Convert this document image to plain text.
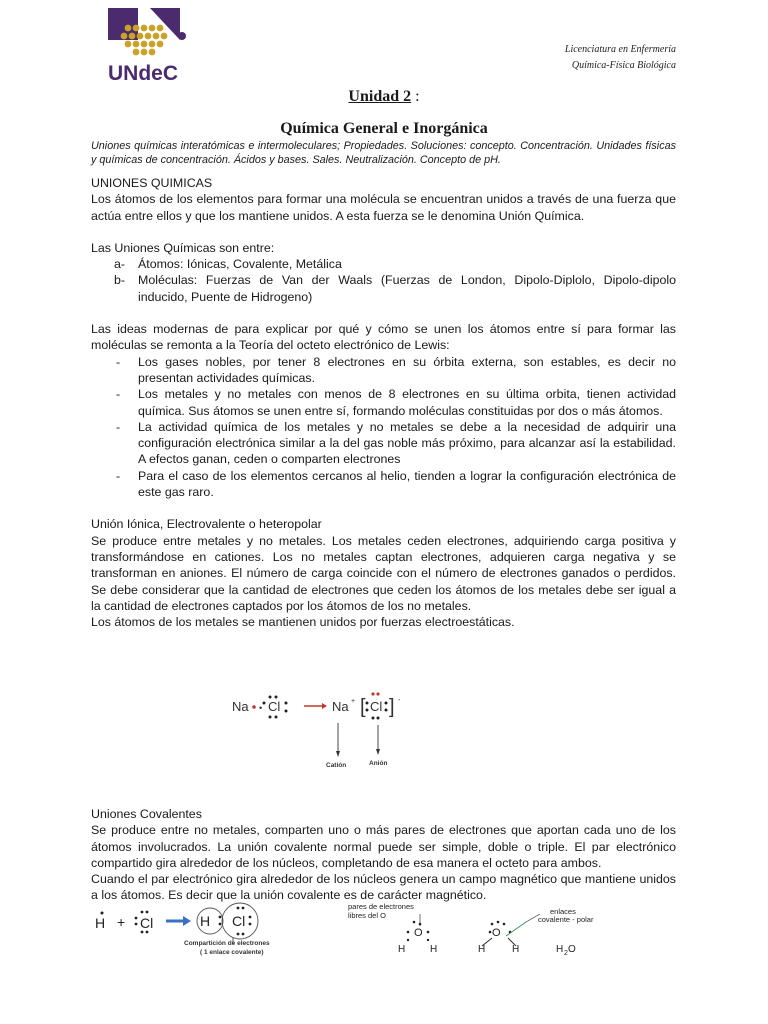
UNdeC
Licenciatura en Enfermería
Química-Física Biológica
Unidad 2 :
Química General e Inorgánica

Uniones químicas interatómicas e intermoleculares; Propiedades. Soluciones: concepto. Concentración. Unidades físicas y químicas de concentración. Ácidos y bases. Sales. Neutralización. Concepto de pH.

UNIONES QUIMICAS

Los átomos de los elementos para formar una molécula se encuentran unidos a través de una fuerza que actúa entre ellos y que los mantiene unidos. A esta fuerza se le denomina Unión Química.

Las Uniones Químicas son entre:

a- Átomos: Iónicas, Covalente, Metálica
b- Moléculas: Fuerzas de Van der Waals (Fuerzas de London, Dipolo-Diplolo, Dipolo-dipolo inducido, Puente de Hidrogeno)

Las ideas modernas de para explicar por qué y cómo se unen los átomos entre sí para formar las moléculas se remonta a la Teoría del octeto electrónico de Lewis:

- Los gases nobles, por tener 8 electrones en su órbita externa, son estables, es decir no presentan actividades químicas.
- Los metales y no metales con menos de 8 electrones en su última orbita, tienen actividad química. Sus átomos se unen entre sí, formando moléculas constituidas por dos o más átomos.
- La actividad química de los metales y no metales se debe a la necesidad de adquirir una configuración electrónica similar a la del gas noble más próximo, para alcanzar así la estabilidad. A efectos ganan, ceden o comparten electrones
- Para el caso de los elementos cercanos al helio, tienden a lograr la configuración electrónica de este gas raro.

Unión Iónica, Electrovalente o heteropolar

Se produce entre metales y no metales. Los metales ceden electrones, adquiriendo carga positiva y transformándose en cationes. Los no metales captan electrones, adquieren carga negativa y se transforman en aniones. El número de carga coincide con el número de electrones ganados o perdidos. Se debe considerar que la cantidad de electrones que ceden los átomos de los metales debe ser igual a la cantidad de electrones captados por los átomos de los no metales.

Los átomos de los metales se mantienen unidos por fuerzas electroestáticas.

Na • Cl	Na + [ Cl ] -
Catión	Anión

Uniones Covalentes

Se produce entre no metales, comparten uno o más pares de electrones que aportan cada uno de los átomos involucrados. La unión covalente normal puede ser simple, doble o triple. El par electrónico compartido gira alrededor de los núcleos, completando de esa manera el octeto para ambos.

Cuando el par electrónico gira alrededor de los núcleos genera un campo magnético que mantiene unidos a los átomos. Es decir que la unión covalente es de carácter magnético.

H + Cl	H Cl
Compartición de electrones
( 1 enlace covalente)
pares de electrones
libres del O
O
H H
O
enlaces
covalente - polar
H	H	H 2 O
